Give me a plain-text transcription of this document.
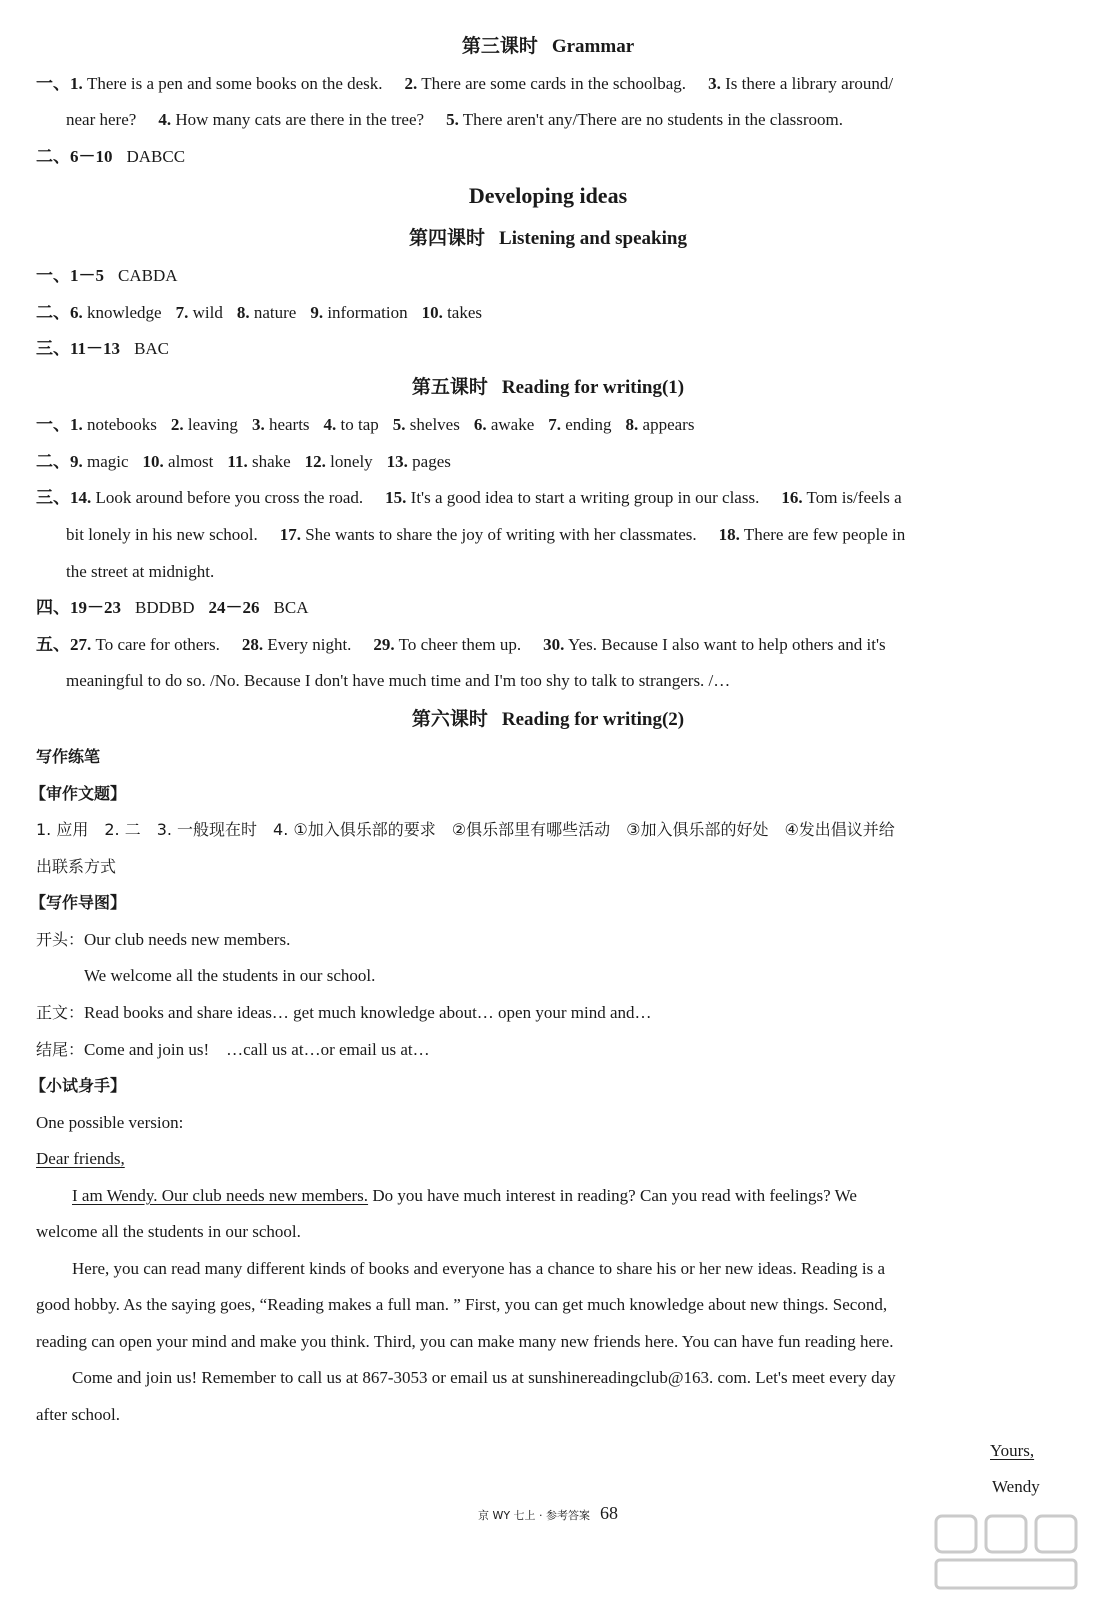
第三课时 Grammar
一、1. There is a pen and some books on the desk. 2. There are some cards in the schoolbag. 3. Is there a library around/
near here? 4. How many cats are there in the tree? 5. There aren't any/There are no students in the classroom.
二、6－10 DABCC
Developing ideas
第四课时 Listening and speaking
一、1－5 CABDA
二、6. knowledge 7. wild 8. nature 9. information 10. takes
三、11－13 BAC
第五课时 Reading for writing(1)
一、1. notebooks 2. leaving 3. hearts 4. to tap 5. shelves 6. awake 7. ending 8. appears
二、9. magic 10. almost 11. shake 12. lonely 13. pages
三、14. Look around before you cross the road. 15. It's a good idea to start a writing group in our class. 16. Tom is/feels a
bit lonely in his new school. 17. She wants to share the joy of writing with her classmates. 18. There are few people in
the street at midnight.
四、19－23 BDDBD 24－26 BCA
五、27. To care for others. 28. Every night. 29. To cheer them up. 30. Yes. Because I also want to help others and it's
meaningful to do so. /No. Because I don't have much time and I'm too shy to talk to strangers. /…
第六课时 Reading for writing(2)
写作练笔
【审作文题】
1. 应用　2. 二　3. 一般现在时　4. ①加入俱乐部的要求　②俱乐部里有哪些活动　③加入俱乐部的好处　④发出倡议并给
出联系方式
【写作导图】
开头：Our club needs new members.
We welcome all the students in our school.
正文：Read books and share ideas… get much knowledge about… open your mind and…
结尾：Come and join us!　…call us at…or email us at…
【小试身手】
One possible version:
Dear friends,
I am Wendy. Our club needs new members. Do you have much interest in reading? Can you read with feelings? We
welcome all the students in our school.
Here, you can read many different kinds of books and everyone has a chance to share his or her new ideas. Reading is a
good hobby. As the saying goes, “Reading makes a full man. ” First, you can get much knowledge about new things. Second,
reading can open your mind and make you think. Third, you can make many new friends here. You can have fun reading here.
Come and join us! Remember to call us at 867-3053 or email us at sunshinereadingclub@163. com. Let's meet every day
after school.
Yours,
Wendy
京 WY 七上 · 参考答案 68
